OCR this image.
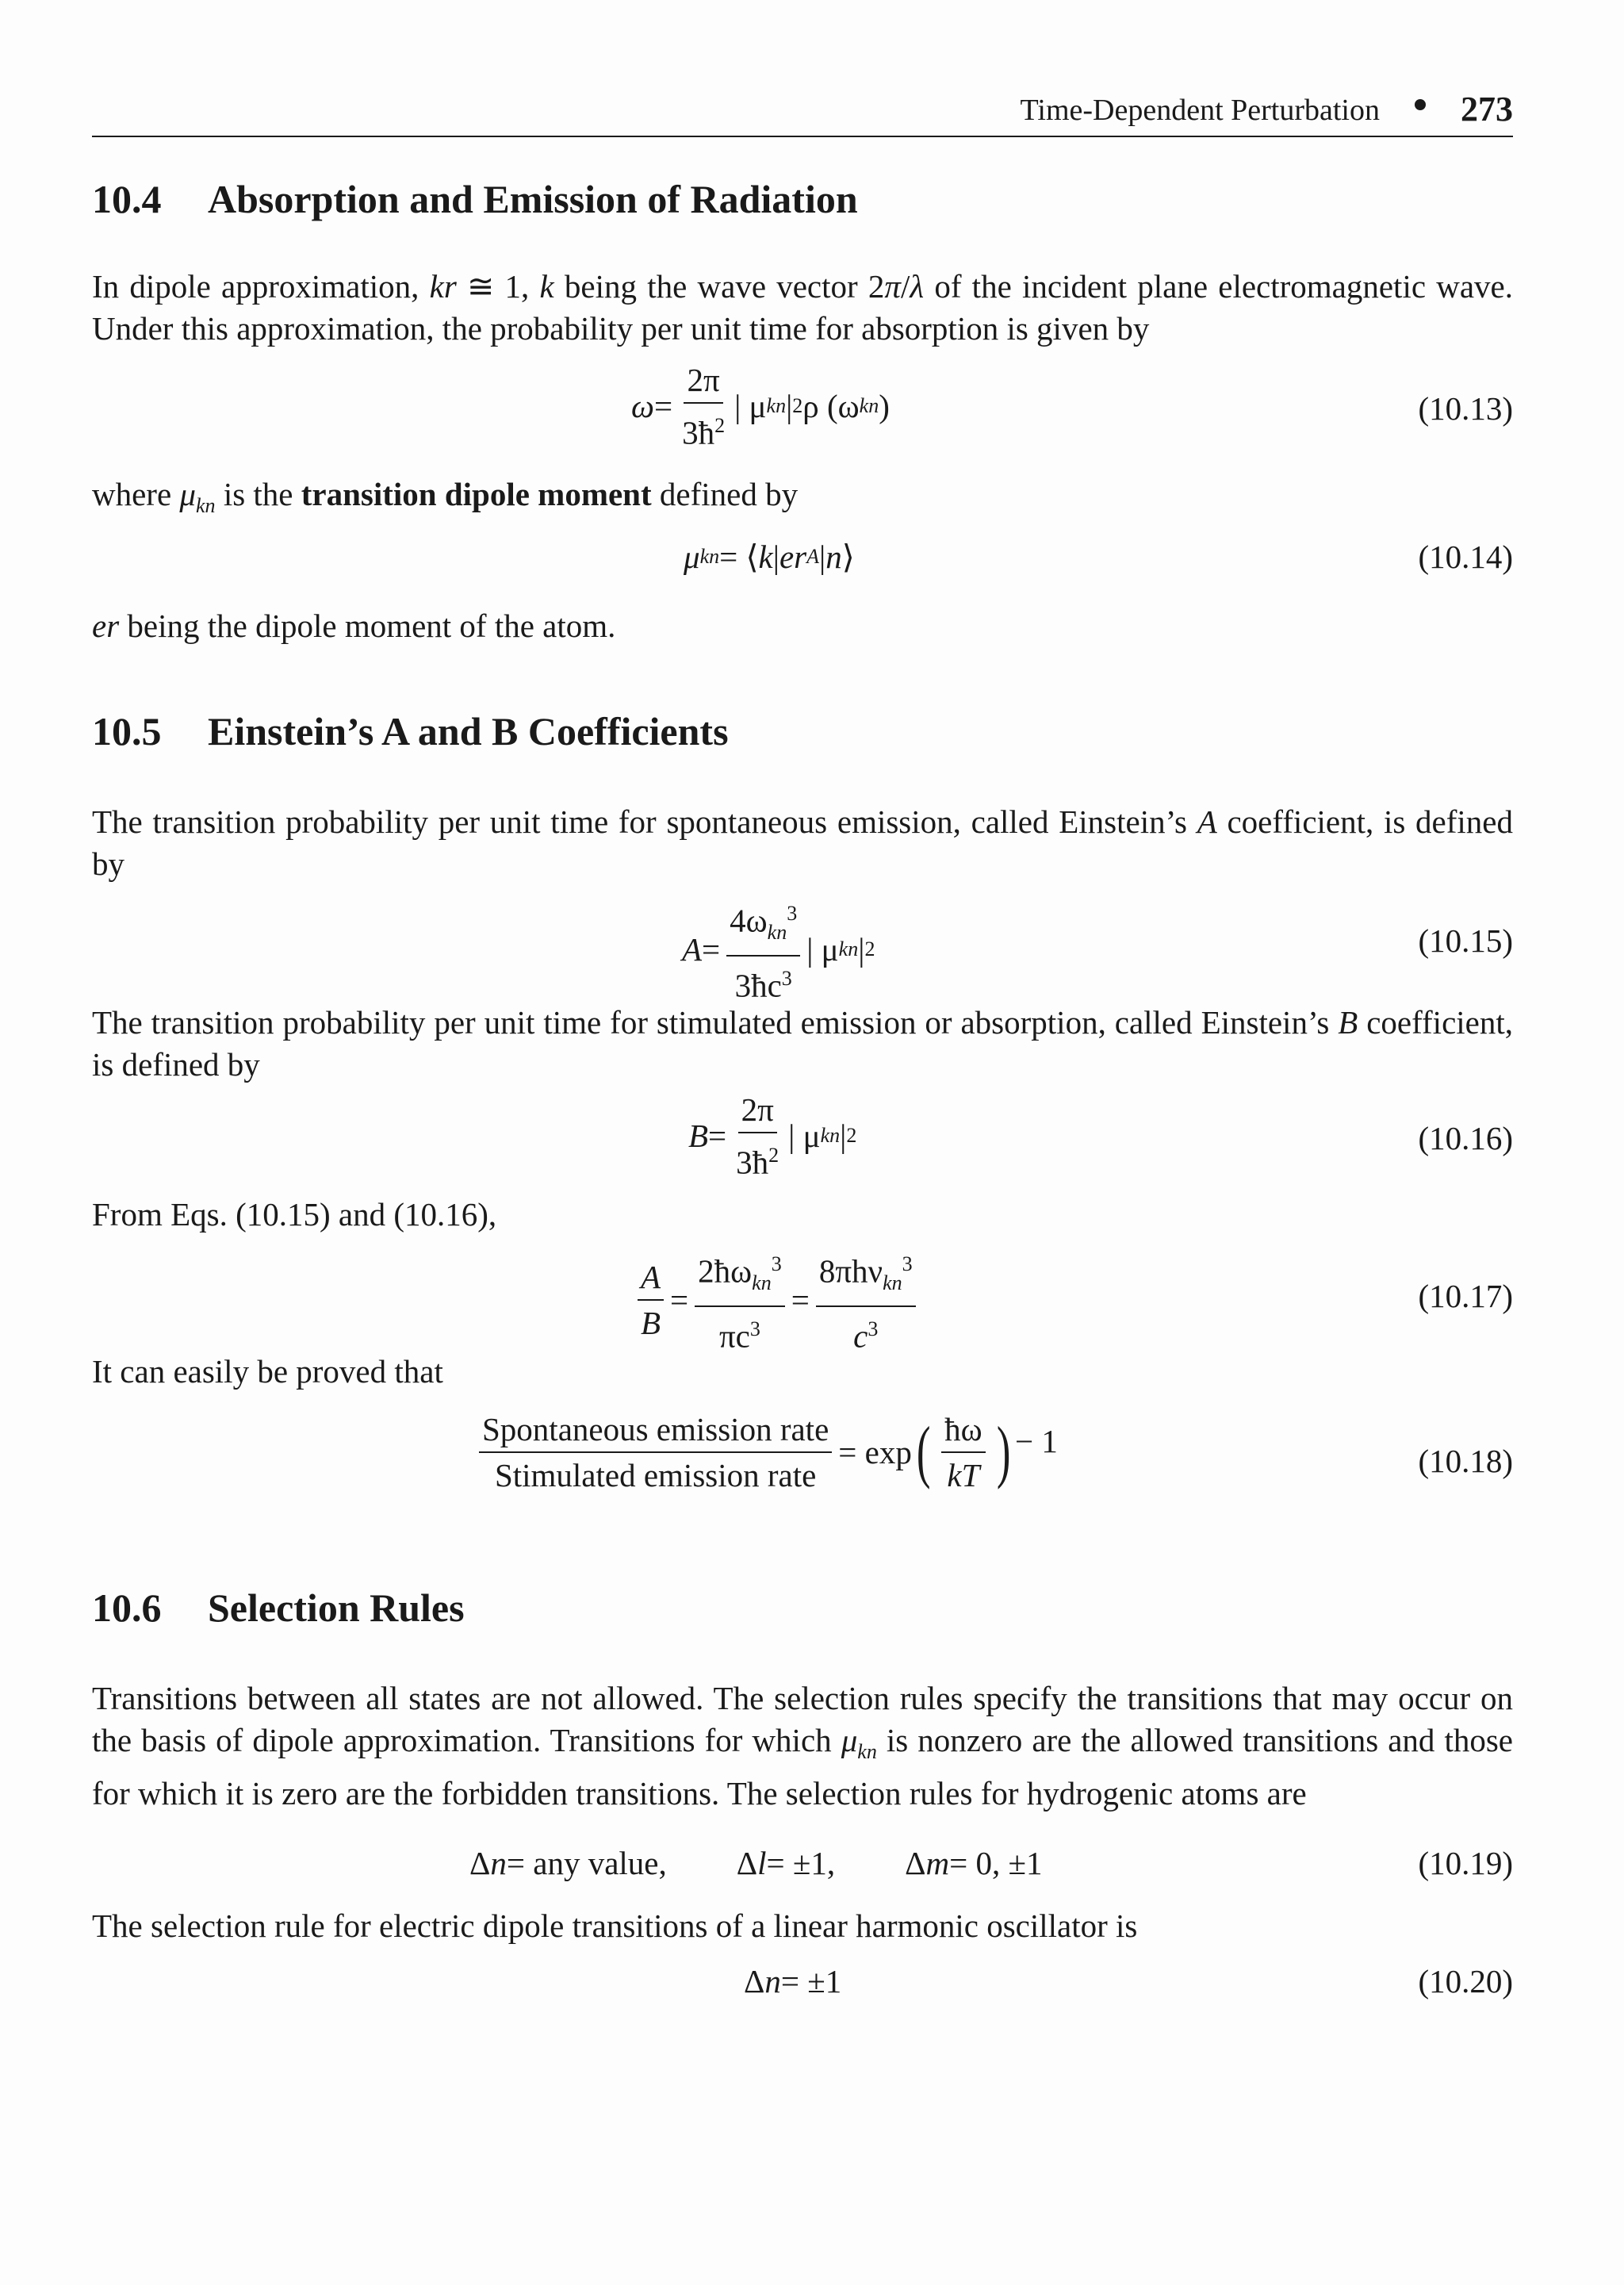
Time-Dependent Perturbation 273
10.4 Absorption and Emission of Radiation
In dipole approximation, kr ≅ 1, k being the wave vector 2π/λ of the incident plane electromagnetic wave. Under this approximation, the probability per unit time for absorption is given by
$\omega = \frac{2\pi}{3ħ^2}$ | μ kn | 2 ρ (ω kn )	(10.13)
where $\mu_{kn}$ is the transition dipole moment defined by
μ kn = ⟨ k | er A | n ⟩	(10.14)
er being the dipole moment of the atom.
10.5 Einstein’s A and B Coefficients
The transition probability per unit time for spontaneous emission, called Einstein’s A coefficient, is defined by
$A = \frac{4\omega_{kn}^3}{3ħc^3}$ | μ kn | 2	(10.15)
The transition probability per unit time for stimulated emission or absorption, called Einstein’s B coefficient, is defined by
$B = \frac{2\pi}{3ħ^2}$ | μ kn | 2	(10.16)
From Eqs. (10.15) and (10.16),
$\frac{A}{B} = \frac{2ħ\omega_{kn}^3}{\pi c^3} = \frac{8\pi h\nu_{kn}^3}{c^3}$	(10.17)
It can easily be proved that
$\frac{\text{Spontaneous emission rate}}{\text{Stimulated emission rate}} = \exp$ ( $\frac{ħ\omega}{kT}$ ) − 1
(10.18)
10.6 Selection Rules
Transitions between all states are not allowed. The selection rules specify the transitions that may occur on the basis of dipole approximation. Transitions for which $\mu_{kn}$ is nonzero are the allowed transitions and those for which it is zero are the forbidden transitions. The selection rules for hydrogenic atoms are
Δ n = any value, Δ l = ±1, Δ m = 0, ±1	(10.19)
The selection rule for electric dipole transitions of a linear harmonic oscillator is
Δ n = ±1	(10.20)
